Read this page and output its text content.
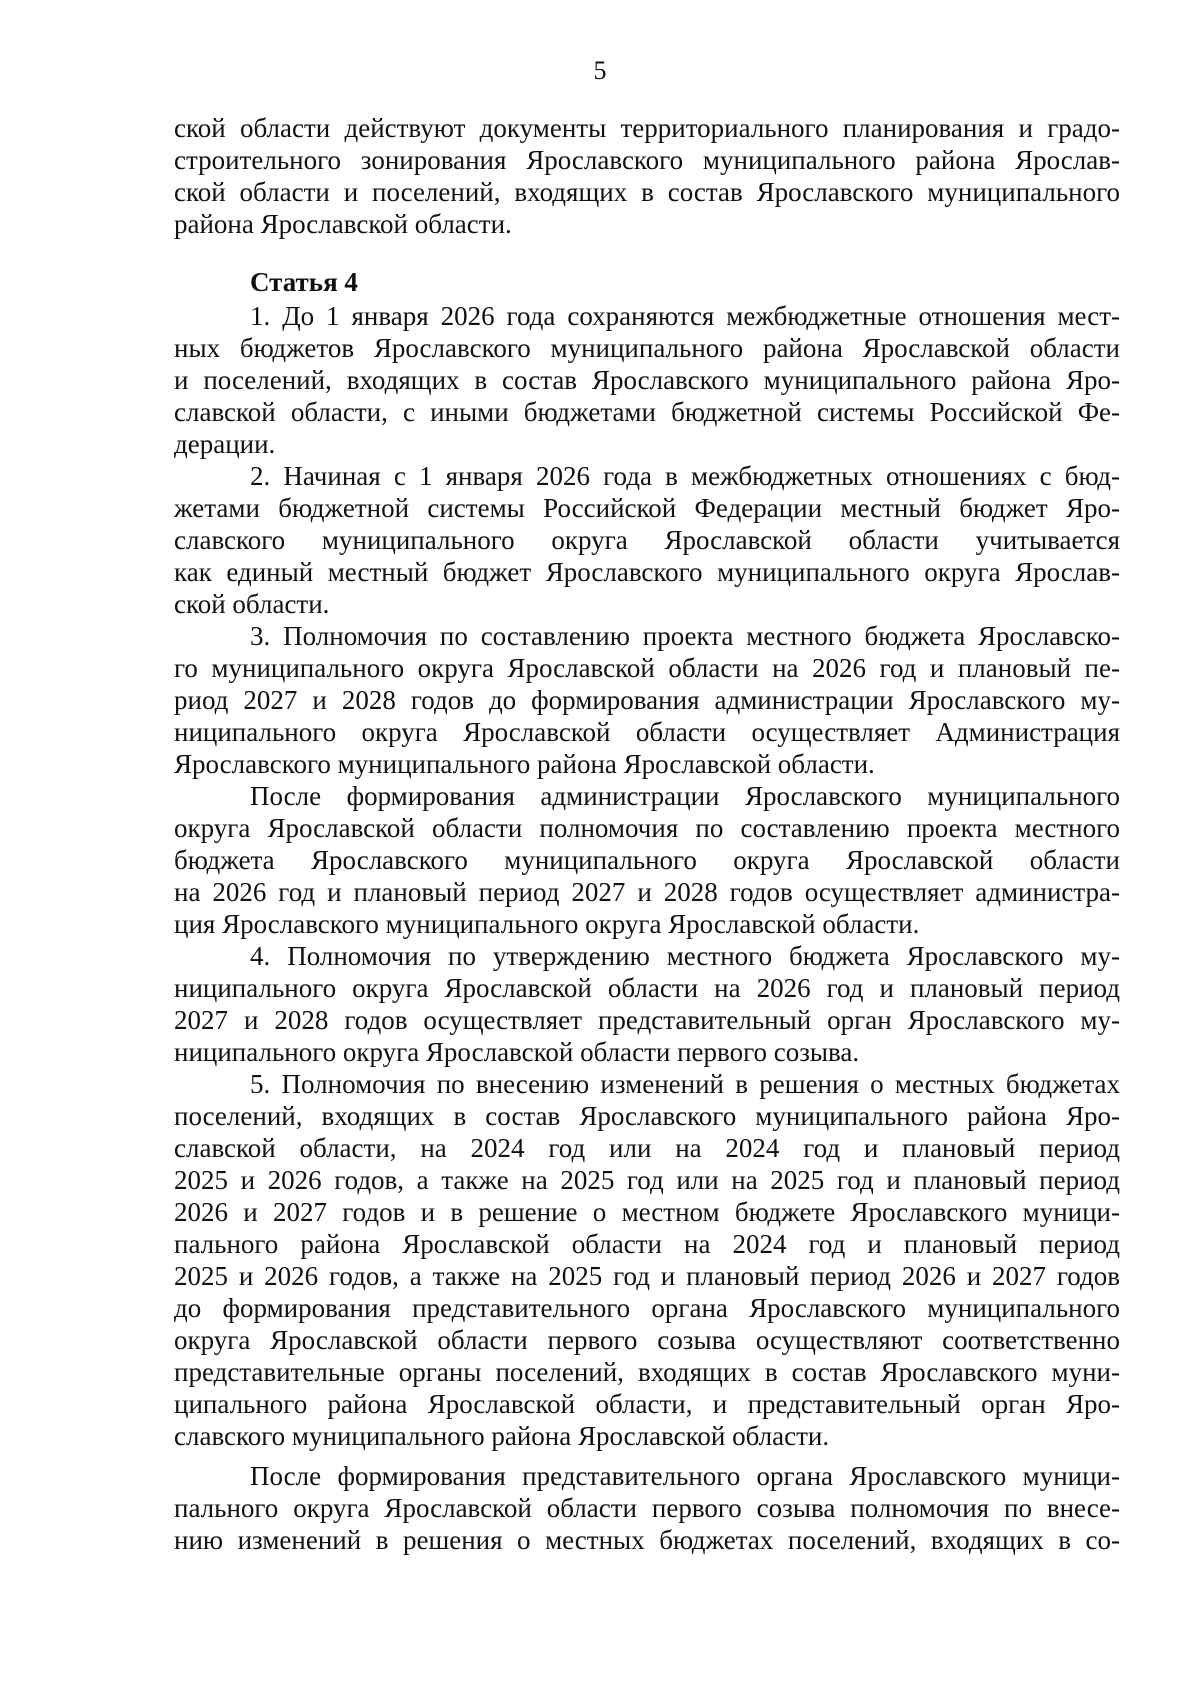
5
ской области действуют документы территориального планирования и градо-
строительного зонирования Ярославского муниципального района Ярослав-
ской области и поселений, входящих в состав Ярославского муниципального
района Ярославской области.
Статья 4
1. До 1 января 2026 года сохраняются межбюджетные отношения мест-
ных бюджетов Ярославского муниципального района Ярославской области
и поселений, входящих в состав Ярославского муниципального района Яро-
славской области, с иными бюджетами бюджетной системы Российской Фе-
дерации.
2. Начиная с 1 января 2026 года в межбюджетных отношениях с бюд-
жетами бюджетной системы Российской Федерации местный бюджет Яро-
славского муниципального округа Ярославской области учитывается
как единый местный бюджет Ярославского муниципального округа Ярослав-
ской области.
3. Полномочия по составлению проекта местного бюджета Ярославско-
го муниципального округа Ярославской области на 2026 год и плановый пе-
риод 2027 и 2028 годов до формирования администрации Ярославского му-
ниципального округа Ярославской области осуществляет Администрация
Ярославского муниципального района Ярославской области.
После формирования администрации Ярославского муниципального
округа Ярославской области полномочия по составлению проекта местного
бюджета Ярославского муниципального округа Ярославской области
на 2026 год и плановый период 2027 и 2028 годов осуществляет администра-
ция Ярославского муниципального округа Ярославской области.
4. Полномочия по утверждению местного бюджета Ярославского му-
ниципального округа Ярославской области на 2026 год и плановый период
2027 и 2028 годов осуществляет представительный орган Ярославского му-
ниципального округа Ярославской области первого созыва.
5. Полномочия по внесению изменений в решения о местных бюджетах
поселений, входящих в состав Ярославского муниципального района Яро-
славской области, на 2024 год или на 2024 год и плановый период
2025 и 2026 годов, а также на 2025 год или на 2025 год и плановый период
2026 и 2027 годов и в решение о местном бюджете Ярославского муници-
пального района Ярославской области на 2024 год и плановый период
2025 и 2026 годов, а также на 2025 год и плановый период 2026 и 2027 годов
до формирования представительного органа Ярославского муниципального
округа Ярославской области первого созыва осуществляют соответственно
представительные органы поселений, входящих в состав Ярославского муни-
ципального района Ярославской области, и представительный орган Яро-
славского муниципального района Ярославской области.
После формирования представительного органа Ярославского муници-
пального округа Ярославской области первого созыва полномочия по внесе-
нию изменений в решения о местных бюджетах поселений, входящих в со-
